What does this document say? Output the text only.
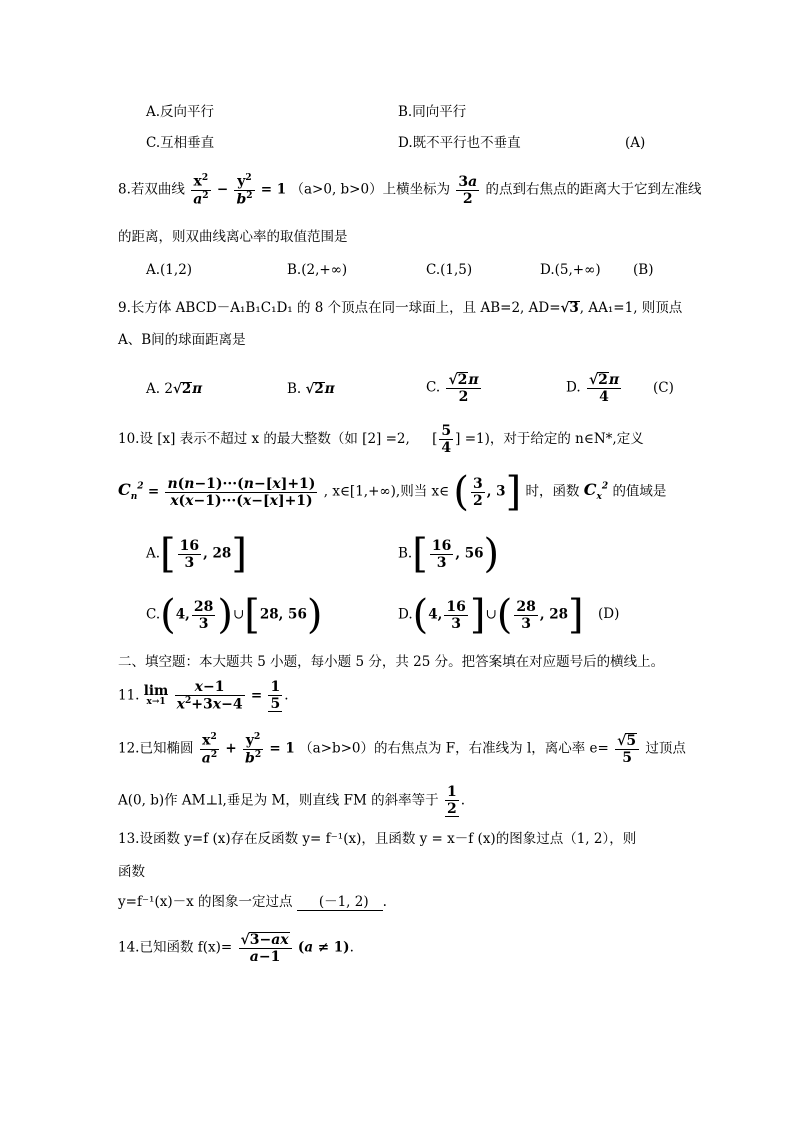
A.反向平行	B.同向平行
C.互相垂直	D.既不平行也不垂直	(A)
8.若双曲线 $\frac{x^2}{a^2} - \frac{y^2}{b^2} = 1$ （a>0, b>0）上横坐标为 $\frac{3a}{2}$ 的点到右焦点的距离大于它到左准线
的距离，则双曲线离心率的取值范围是
A.(1,2)	B.(2,+∞)	C.(1,5)	D.(5,+∞) (B)
9.长方体 ABCD－A₁B₁C₁D₁ 的 8 个顶点在同一球面上，且 AB=2, AD=√3, AA₁=1, 则顶点
A、B间的球面距离是
A. 2√2π	B. √2π	C. $\frac{√2\pi}{2}$	D. $\frac{√2\pi}{4} (C)$
10.设 [x] 表示不超过 x 的最大整数（如 [2] =2, [ $\frac{5}{4}$ ] =1)，对于给定的 n∈N*,定义
$C_n^2 = \frac{n(n-1)\cdot\cdot\cdot(n-[x]+1)}{x(x-1)\cdot\cdot\cdot(x-[x]+1)}$ , x∈[1,+∞),则当 x∈ ( $\frac{3}{2}$ , 3] 时，函数 $C_x^2$ 的值域是
$A.[ \frac{16}{3}$ , 28]	$B.[ \frac{16}{3}$ , 56)
C.(4, $\frac{28}{3}$ )∪[28, 56)	D.(4, $\frac{16}{3}$ ]∪( $\frac{28}{3}$ , 28] (D)
二、填空题：本大题共 5 小题，每小题 5 分，共 25 分。把答案填在对应题号后的横线上。
11. lim
x→1
$\frac{x-1}{x^2+3x-4} = \frac{1}{5}$ .
12.已知椭圆 $\frac{x^2}{a^2} + \frac{y^2}{b^2} = 1$ （a>b>0）的右焦点为 F，右准线为 l，离心率 $e= \frac{√5}{5}$ 过顶点
A(0, b)作 AM⊥l,垂足为 M，则直线 FM 的斜率等于 $\frac{1}{2}$ .
13.设函数 y=f (x)存在反函数 y= f⁻¹(x)，且函数 y = x－f (x)的图象过点（1, 2），则
函数
y=f⁻¹(x)－x 的图象一定过点 (－1, 2) .
14.已知函数 $f(x)= \frac{√3-ax}{a-1} (a \ne 1)$.
